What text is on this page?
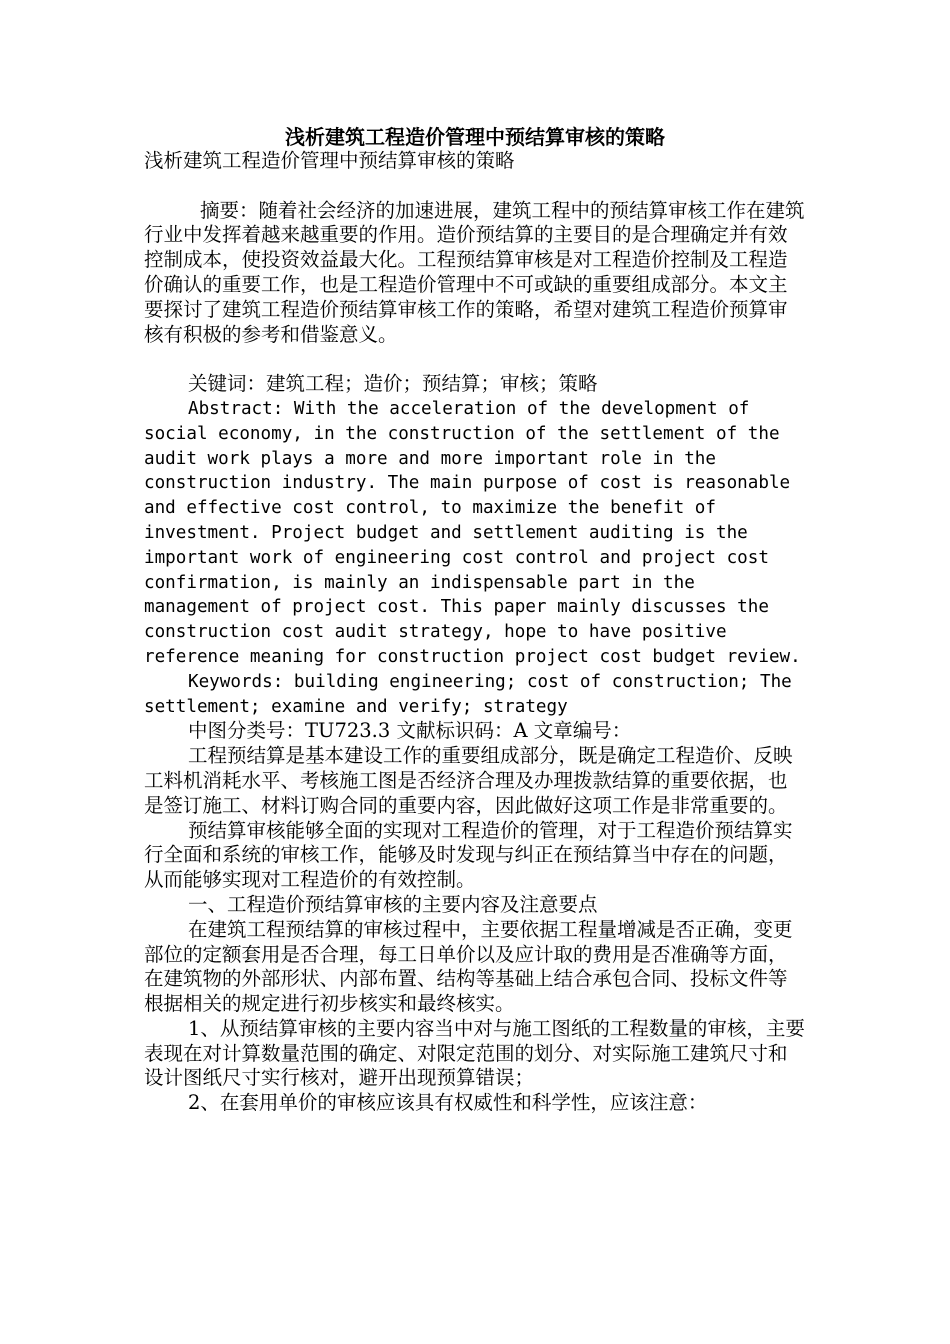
浅析建筑工程造价管理中预结算审核的策略

浅析建筑工程造价管理中预结算审核的策略

摘要：随着社会经济的加速进展，建筑工程中的预结算审核工作在建筑行业中发挥着越来越重要的作用。造价预结算的主要目的是合理确定并有效控制成本，使投资效益最大化。工程预结算审核是对工程造价控制及工程造价确认的重要工作，也是工程造价管理中不可或缺的重要组成部分。本文主要探讨了建筑工程造价预结算审核工作的策略，希望对建筑工程造价预算审核有积极的参考和借鉴意义。

关键词：建筑工程；造价；预结算；审核；策略

Abstract: With the acceleration of the development of social economy, in the construction of the settlement of the audit work plays a more and more important role in the construction industry. The main purpose of cost is reasonable and effective cost control, to maximize the benefit of investment. Project budget and settlement auditing is the important work of engineering cost control and project cost confirmation, is mainly an indispensable part in the management of project cost. This paper mainly discusses the construction cost audit strategy, hope to have positive reference meaning for construction project cost budget review.

Keywords: building engineering; cost of construction; The settlement; examine and verify; strategy

中图分类号：TU723.3 文献标识码：A 文章编号：

工程预结算是基本建设工作的重要组成部分，既是确定工程造价、反映工料机消耗水平、考核施工图是否经济合理及办理拨款结算的重要依据，也是签订施工、材料订购合同的重要内容，因此做好这项工作是非常重要的。

预结算审核能够全面的实现对工程造价的管理，对于工程造价预结算实行全面和系统的审核工作，能够及时发现与纠正在预结算当中存在的问题，从而能够实现对工程造价的有效控制。

一、工程造价预结算审核的主要内容及注意要点

在建筑工程预结算的审核过程中，主要依据工程量增减是否正确，变更部位的定额套用是否合理，每工日单价以及应计取的费用是否准确等方面，在建筑物的外部形状、内部布置、结构等基础上结合承包合同、投标文件等根据相关的规定进行初步核实和最终核实。

1、从预结算审核的主要内容当中对与施工图纸的工程数量的审核，主要表现在对计算数量范围的确定、对限定范围的划分、对实际施工建筑尺寸和设计图纸尺寸实行核对，避开出现预算错误；

2、在套用单价的审核应该具有权威性和科学性，应该注意：
